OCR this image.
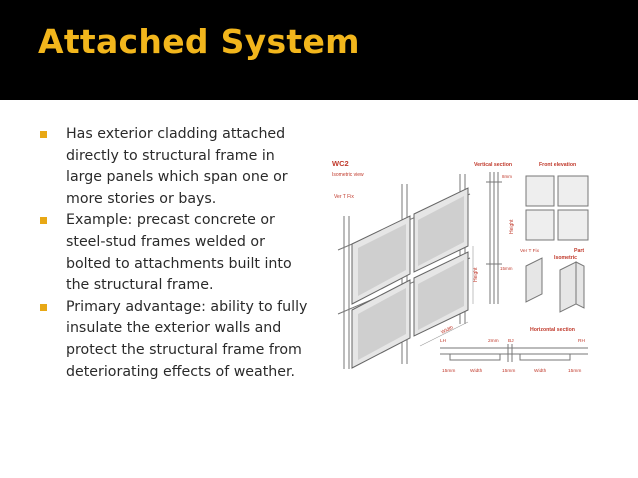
Attached System
Has exterior cladding attached directly to structural frame in large panels which span one or more stories or bays.
Example: precast concrete or steel-stud frames welded or bolted to attachments built into the structural frame.
Primary advantage: ability to fully insulate the exterior walls and protect the structural frame from deteriorating effects of weather.
WC2
Isometric view
Ver T Fix
Height
Width
Vertical section
Height
8mm
15mm
Front elevation
Ver T Fix	Part
Isometric
Horizontal section
LH	2mm BJ	RH
15mm	Width	15mm	Width	15mm
